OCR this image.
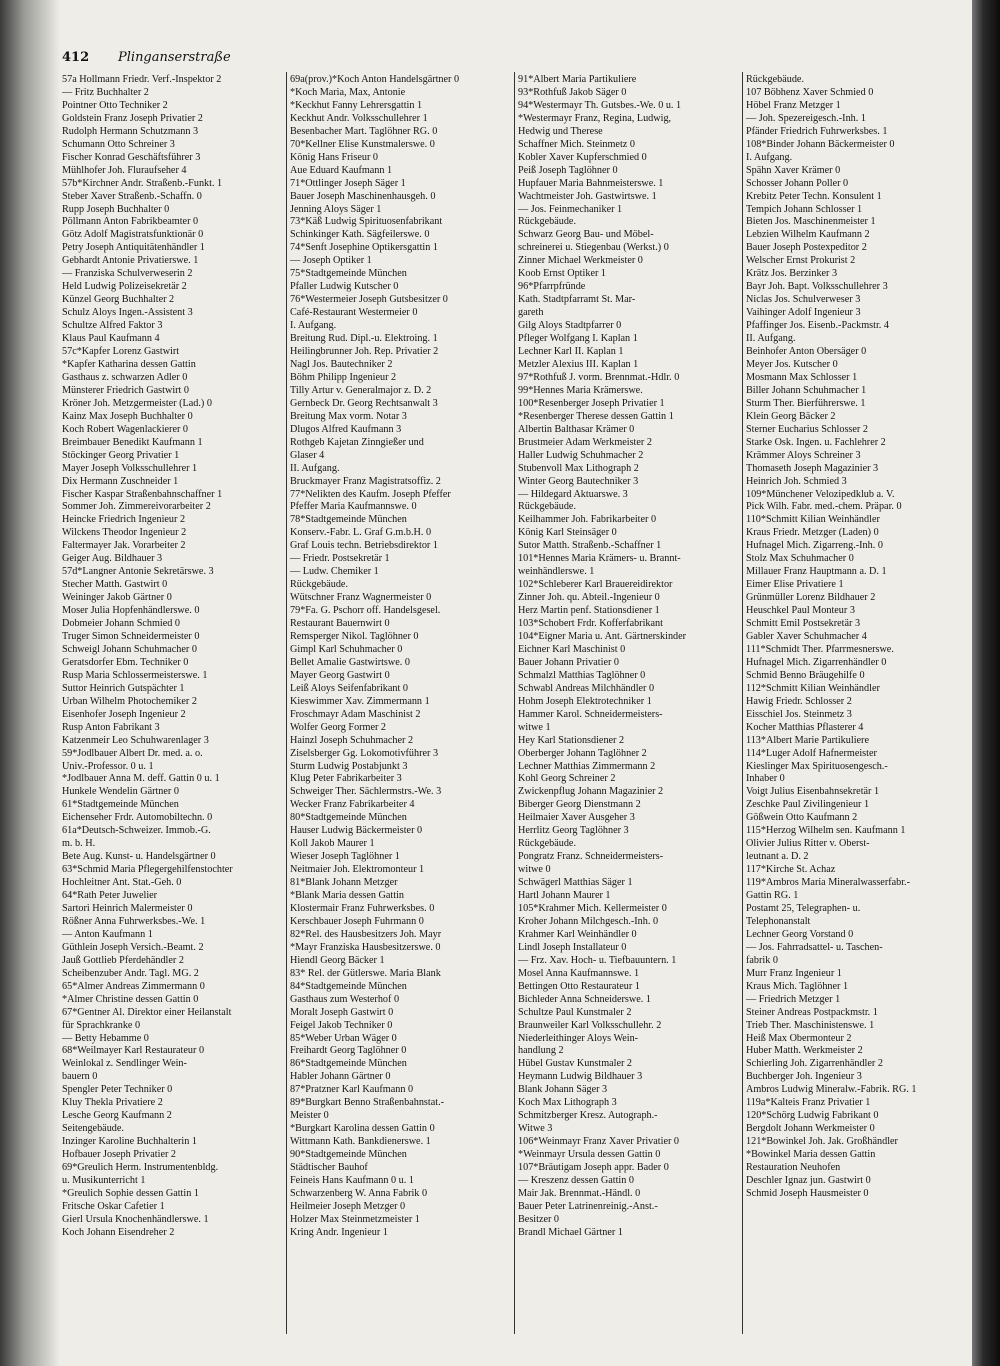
412 Plinganserstraße
57a Hollmann Friedr. Verf.-Inspektor 2
— Fritz Buchhalter 2
Pointner Otto Techniker 2
Goldstein Franz Joseph Privatier 2
Rudolph Hermann Schutzmann 3
Schumann Otto Schreiner 3
Fischer Konrad Geschäftsführer 3
Mühlhofer Joh. Fluraufseher 4
57b*Kirchner Andr. Straßenb.-Funkt. 1
Steber Xaver Straßenb.-Schaffn. 0
Rupp Joseph Buchhalter 0
Pöllmann Anton Fabrikbeamter 0
Götz Adolf Magistratsfunktionär 0
Petry Joseph Antiquitätenhändler 1
Gebhardt Antonie Privatierswe. 1
— Franziska Schulverweserin 2
Held Ludwig Polizeisekretär 2
Künzel Georg Buchhalter 2
Schulz Aloys Ingen.-Assistent 3
Schultze Alfred Faktor 3
Klaus Paul Kaufmann 4
57c*Kapfer Lorenz Gastwirt
*Kapfer Katharina dessen Gattin
Gasthaus z. schwarzen Adler 0
Münsterer Friedrich Gastwirt 0
Kröner Joh. Metzgermeister (Lad.) 0
Kainz Max Joseph Buchhalter 0
Koch Robert Wagenlackierer 0
Breimbauer Benedikt Kaufmann 1
Stöckinger Georg Privatier 1
Mayer Joseph Volksschullehrer 1
Dix Hermann Zuschneider 1
Fischer Kaspar Straßenbahnschaffner 1
Sommer Joh. Zimmereivorarbeiter 2
Heincke Friedrich Ingenieur 2
Wilckens Theodor Ingenieur 2
Faltermayer Jak. Vorarbeiter 2
Geiger Aug. Bildhauer 3
57d*Langner Antonie Sekretärswe. 3
Stecher Matth. Gastwirt 0
Weininger Jakob Gärtner 0
Moser Julia Hopfenhändlerswe. 0
Dobmeier Johann Schmied 0
Truger Simon Schneidermeister 0
Schweigl Johann Schuhmacher 0
Geratsdorfer Ebm. Techniker 0
Rusp Maria Schlossermeisterswe. 1
Suttor Heinrich Gutspächter 1
Urban Wilhelm Photochemiker 2
Eisenhofer Joseph Ingenieur 2
Rusp Anton Fabrikant 3
Katzenmeir Leo Schuhwarenlager 3
59*Jodlbauer Albert Dr. med. a. o.
Univ.-Professor. 0 u. 1
*Jodlbauer Anna M. deff. Gattin 0 u. 1
Hunkele Wendelin Gärtner 0
61*Stadtgemeinde München
Eichenseher Frdr. Automobiltechn. 0
61a*Deutsch-Schweizer. Immob.-G.
m. b. H.
Bete Aug. Kunst- u. Handelsgärtner 0
63*Schmid Maria Pflegergehilfenstochter
Hochleitner Ant. Stat.-Geh. 0
64*Rath Peter Juwelier
Sartori Heinrich Malermeister 0
Rößner Anna Fuhrwerksbes.-We. 1
— Anton Kaufmann 1
Güthlein Joseph Versich.-Beamt. 2
Jauß Gottlieb Pferdehändler 2
Scheibenzuber Andr. Tagl. MG. 2
65*Almer Andreas Zimmermann 0
*Almer Christine dessen Gattin 0
67*Gentner Al. Direktor einer Heilanstalt
für Sprachkranke 0
— Betty Hebamme 0
68*Weilmayer Karl Restaurateur 0
Weinlokal z. Sendlinger Wein-
bauern 0
Spengler Peter Techniker 0
Kluy Thekla Privatiere 2
Lesche Georg Kaufmann 2
Seitengebäude.
Inzinger Karoline Buchhalterin 1
Hofbauer Joseph Privatier 2
69*Greulich Herm. Instrumentenbldg.
u. Musikunterricht 1
*Greulich Sophie dessen Gattin 1
Fritsche Oskar Cafetier 1
Gierl Ursula Knochenhändlerswe. 1
Koch Johann Eisendreher 2
69a(prov.)*Koch Anton Handelsgärtner 0
*Koch Maria, Max, Antonie
*Keckhut Fanny Lehrersgattin 1
Keckhut Andr. Volksschullehrer 1
Besenbacher Mart. Taglöhner RG. 0
70*Kellner Elise Kunstmalerswe. 0
König Hans Friseur 0
Aue Eduard Kaufmann 1
71*Ottlinger Joseph Säger 1
Bauer Joseph Maschinenhausgeh. 0
Jenning Aloys Säger 1
73*Käß Ludwig Spirituosenfabrikant
Schinkinger Kath. Sägfeilerswe. 0
74*Senft Josephine Optikersgattin 1
— Joseph Optiker 1
75*Stadtgemeinde München
Pfaller Ludwig Kutscher 0
76*Westermeier Joseph Gutsbesitzer 0
Café-Restaurant Westermeier 0
I. Aufgang.
Breitung Rud. Dipl.-u. Elektroing. 1
Heilingbrunner Joh. Rep. Privatier 2
Nagl Jos. Bautechniker 2
Böhm Philipp Ingenieur 2
Tilly Artur v. Generalmajor z. D. 2
Gernbeck Dr. Georg Rechtsanwalt 3
Breitung Max vorm. Notar 3
Dlugos Alfred Kaufmann 3
Rothgeb Kajetan Zinngießer und
Glaser 4
II. Aufgang.
Bruckmayer Franz Magistratsoffiz. 2
77*Nelikten des Kaufm. Joseph Pfeffer
Pfeffer Maria Kaufmannswe. 0
78*Stadtgemeinde München
Konserv.-Fabr. L. Graf G.m.b.H. 0
Graf Louis techn. Betriebsdirektor 1
— Friedr. Postsekretär 1
— Ludw. Chemiker 1
Rückgebäude.
Wütschner Franz Wagnermeister 0
79*Fa. G. Pschorr off. Handelsgesel.
Restaurant Bauernwirt 0
Remsperger Nikol. Taglöhner 0
Gimpl Karl Schuhmacher 0
Bellet Amalie Gastwirtswe. 0
Mayer Georg Gastwirt 0
Leiß Aloys Seifenfabrikant 0
Kieswimmer Xav. Zimmermann 1
Froschmayr Adam Maschinist 2
Wolfer Georg Former 2
Hainzl Joseph Schuhmacher 2
Ziselsberger Gg. Lokomotivführer 3
Sturm Ludwig Postabjunkt 3
Klug Peter Fabrikarbeiter 3
Schweiger Ther. Sächlermstrs.-We. 3
Wecker Franz Fabrikarbeiter 4
80*Stadtgemeinde München
Hauser Ludwig Bäckermeister 0
Koll Jakob Maurer 1
Wieser Joseph Taglöhner 1
Neitmaier Joh. Elektromonteur 1
81*Blank Johann Metzger
*Blank Maria dessen Gattin
Klostermair Franz Fuhrwerksbes. 0
Kerschbauer Joseph Fuhrmann 0
82*Rel. des Hausbesitzers Joh. Mayr
*Mayr Franziska Hausbesitzerswe. 0
Hiendl Georg Bäcker 1
83* Rel. der Gütlerswe. Maria Blank
84*Stadtgemeinde München
Gasthaus zum Westerhof 0
Moralt Joseph Gastwirt 0
Feigel Jakob Techniker 0
85*Weber Urban Wäger 0
Freihardt Georg Taglöhner 0
86*Stadtgemeinde München
Habler Johann Gärtner 0
87*Pratzner Karl Kaufmann 0
89*Burgkart Benno Straßenbahnstat.-
Meister 0
*Burgkart Karolina dessen Gattin 0
Wittmann Kath. Bankdienerswe. 1
90*Stadtgemeinde München
Städtischer Bauhof
Feineis Hans Kaufmann 0 u. 1
Schwarzenberg W. Anna Fabrik 0
Heilmeier Joseph Metzger 0
Holzer Max Steinmetzmeister 1
Kring Andr. Ingenieur 1
91*Albert Maria Partikuliere
93*Rothfuß Jakob Säger 0
94*Westermayr Th. Gutsbes.-We. 0 u. 1
*Westermayr Franz, Regina, Ludwig,
Hedwig und Therese
Schaffner Mich. Steinmetz 0
Kobler Xaver Kupferschmied 0
Peiß Joseph Taglöhner 0
Hupfauer Maria Bahnmeisterswe. 1
Wachtmeister Joh. Gastwirtswe. 1
— Jos. Feinmechaniker 1
Rückgebäude.
Schwarz Georg Bau- und Möbel-
schreinerei u. Stiegenbau (Werkst.) 0
Zinner Michael Werkmeister 0
Koob Ernst Optiker 1
96*Pfarrpfründe
Kath. Stadtpfarramt St. Mar-
gareth
Gilg Aloys Stadtpfarrer 0
Pfleger Wolfgang I. Kaplan 1
Lechner Karl II. Kaplan 1
Metzler Alexius III. Kaplan 1
97*Rothfuß J. vorm. Brennmat.-Hdlr. 0
99*Hennes Maria Krämerswe.
100*Resenberger Joseph Privatier 1
*Resenberger Therese dessen Gattin 1
Albertin Balthasar Krämer 0
Brustmeier Adam Werkmeister 2
Haller Ludwig Schuhmacher 2
Stubenvoll Max Lithograph 2
Winter Georg Bautechniker 3
— Hildegard Aktuarswe. 3
Rückgebäude.
Keilhammer Joh. Fabrikarbeiter 0
König Karl Steinsäger 0
Sutor Matth. Straßenb.-Schaffner 1
101*Hennes Maria Krämers- u. Brannt-
weinhändlerswe. 1
102*Schleberer Karl Brauereidirektor
Zinner Joh. qu. Abteil.-Ingenieur 0
Herz Martin penf. Stationsdiener 1
103*Schobert Frdr. Kofferfabrikant
104*Eigner Maria u. Ant. Gärtnerskinder
Eichner Karl Maschinist 0
Bauer Johann Privatier 0
Schmalzl Matthias Taglöhner 0
Schwabl Andreas Milchhändler 0
Hohm Joseph Elektrotechniker 1
Hammer Karol. Schneidermeisters-
witwe 1
Hey Karl Stationsdiener 2
Oberberger Johann Taglöhner 2
Lechner Matthias Zimmermann 2
Kohl Georg Schreiner 2
Zwickenpflug Johann Magazinier 2
Biberger Georg Dienstmann 2
Heilmaier Xaver Ausgeher 3
Herrlitz Georg Taglöhner 3
Rückgebäude.
Pongratz Franz. Schneidermeisters-
witwe 0
Schwägerl Matthias Säger 1
Hartl Johann Maurer 1
105*Krahmer Mich. Kellermeister 0
Kroher Johann Milchgesch.-Inh. 0
Krahmer Karl Weinhändler 0
Lindl Joseph Installateur 0
— Frz. Xav. Hoch- u. Tiefbauuntern. 1
Mosel Anna Kaufmannswe. 1
Bettingen Otto Restaurateur 1
Bichleder Anna Schneiderswe. 1
Schultze Paul Kunstmaler 2
Braunweiler Karl Volksschullehr. 2
Niederleithinger Aloys Wein-
handlung 2
Hübel Gustav Kunstmaler 2
Heymann Ludwig Bildhauer 3
Blank Johann Säger 3
Koch Max Lithograph 3
Schmitzberger Kresz. Autograph.-
Witwe 3
106*Weinmayr Franz Xaver Privatier 0
*Weinmayr Ursula dessen Gattin 0
107*Bräutigam Joseph appr. Bader 0
— Kreszenz dessen Gattin 0
Mair Jak. Brennmat.-Händl. 0
Bauer Peter Latrinenreinig.-Anst.-
Besitzer 0
Brandl Michael Gärtner 1
Rückgebäude.
107 Böbhenz Xaver Schmied 0
Höbel Franz Metzger 1
— Joh. Spezereigesch.-Inh. 1
Pfänder Friedrich Fuhrwerksbes. 1
108*Binder Johann Bäckermeister 0
I. Aufgang.
Spähn Xaver Krämer 0
Schosser Johann Poller 0
Krebitz Peter Techn. Konsulent 1
Tempich Johann Schlosser 1
Bieten Jos. Maschinenmeister 1
Lebzien Wilhelm Kaufmann 2
Bauer Joseph Postexpeditor 2
Welscher Ernst Prokurist 2
Krätz Jos. Berzinker 3
Bayr Joh. Bapt. Volksschullehrer 3
Niclas Jos. Schulverweser 3
Vaihinger Adolf Ingenieur 3
Pfaffinger Jos. Eisenb.-Packmstr. 4
II. Aufgang.
Beinhofer Anton Obersäger 0
Meyer Jos. Kutscher 0
Mosmann Max Schlosser 1
Biller Johann Schuhmacher 1
Sturm Ther. Bierführerswe. 1
Klein Georg Bäcker 2
Sterner Eucharius Schlosser 2
Starke Osk. Ingen. u. Fachlehrer 2
Krämmer Aloys Schreiner 3
Thomaseth Joseph Magazinier 3
Heinrich Joh. Schmied 3
109*Münchener Velozipedklub a. V.
Pick Wilh. Fabr. med.-chem. Präpar. 0
110*Schmitt Kilian Weinhändler
Kraus Friedr. Metzger (Laden) 0
Hufnagel Mich. Zigarreng.-Inh. 0
Stolz Max Schuhmacher 0
Millauer Franz Hauptmann a. D. 1
Eimer Elise Privatiere 1
Grünmüller Lorenz Bildhauer 2
Heuschkel Paul Monteur 3
Schmitt Emil Postsekretär 3
Gabler Xaver Schuhmacher 4
111*Schmidt Ther. Pfarrmesnerswe.
Hufnagel Mich. Zigarrenhändler 0
Schmid Benno Bräugehilfe 0
112*Schmitt Kilian Weinhändler
Hawig Friedr. Schlosser 2
Eisschiel Jos. Steinmetz 3
Kocher Matthias Pflasterer 4
113*Albert Marie Partikuliere
114*Luger Adolf Hafnermeister
Kieslinger Max Spirituosengesch.-
Inhaber 0
Voigt Julius Eisenbahnsekretär 1
Zeschke Paul Zivilingenieur 1
Gößwein Otto Kaufmann 2
115*Herzog Wilhelm sen. Kaufmann 1
Olivier Julius Ritter v. Oberst-
leutnant a. D. 2
117*Kirche St. Achaz
119*Ambros Maria Mineralwasserfabr.-
Gattin RG. 1
Postamt 25, Telegraphen- u.
Telephonanstalt
Lechner Georg Vorstand 0
— Jos. Fahrradsattel- u. Taschen-
fabrik 0
Murr Franz Ingenieur 1
Kraus Mich. Taglöhner 1
— Friedrich Metzger 1
Steiner Andreas Postpackmstr. 1
Trieb Ther. Maschinistenswe. 1
Heiß Max Obermonteur 2
Huber Matth. Werkmeister 2
Schierling Joh. Zigarrenhändler 2
Buchberger Joh. Ingenieur 3
Ambros Ludwig Mineralw.-Fabrik. RG. 1
119a*Kalteis Franz Privatier 1
120*Schörg Ludwig Fabrikant 0
Bergdolt Johann Werkmeister 0
121*Bowinkel Joh. Jak. Großhändler
*Bowinkel Maria dessen Gattin
Restauration Neuhofen
Deschler Ignaz jun. Gastwirt 0
Schmid Joseph Hausmeister 0
